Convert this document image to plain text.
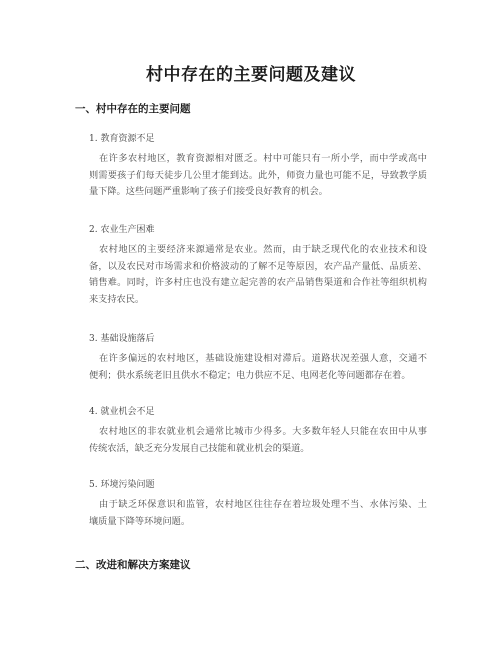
村中存在的主要问题及建议
一、村中存在的主要问题
1. 教育资源不足
在许多农村地区，教育资源相对匮乏。村中可能只有一所小学，而中学或高中
则需要孩子们每天徒步几公里才能到达。此外，师资力量也可能不足，导致教学质
量下降。这些问题严重影响了孩子们接受良好教育的机会。
2. 农业生产困难
农村地区的主要经济来源通常是农业。然而，由于缺乏现代化的农业技术和设
备，以及农民对市场需求和价格波动的了解不足等原因，农产品产量低、品质差、
销售难。同时，许多村庄也没有建立起完善的农产品销售渠道和合作社等组织机构
来支持农民。
3. 基础设施落后
在许多偏远的农村地区，基础设施建设相对滞后。道路状况差强人意，交通不
便利；供水系统老旧且供水不稳定；电力供应不足、电网老化等问题都存在着。
4. 就业机会不足
农村地区的非农就业机会通常比城市少得多。大多数年轻人只能在农田中从事
传统农活，缺乏充分发展自己技能和就业机会的渠道。
5. 环境污染问题
由于缺乏环保意识和监管，农村地区往往存在着垃圾处理不当、水体污染、土
壤质量下降等环境问题。
二、改进和解决方案建议
